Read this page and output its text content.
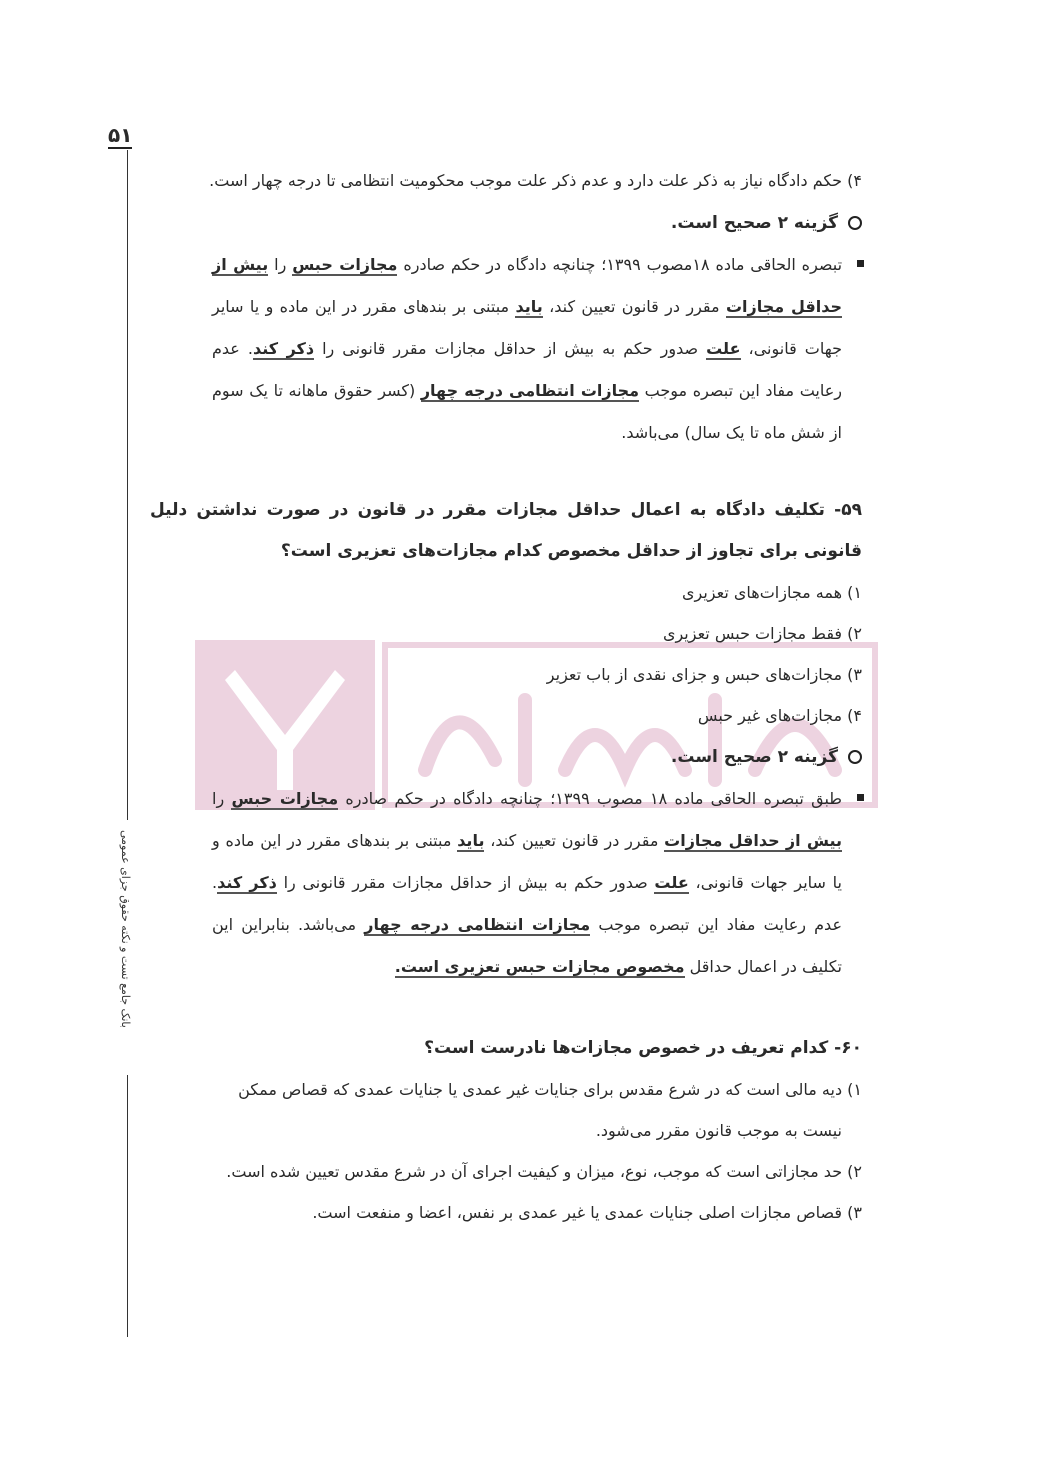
۵۱
بانک جامع تست و نکته حقوق جزای عمومی
۴) حکم دادگاه نیاز به ذکر علت دارد و عدم ذکر علت موجب محکومیت انتظامی تا درجه چهار است.
گزینه ۲ صحیح است.
تبصره الحاقی ماده ۱۸مصوب ۱۳۹۹؛ چنانچه دادگاه در حکم صادره مجازات حبس را بیش از حداقل مجازات مقرر در قانون تعیین کند، باید مبتنی بر بندهای مقرر در این ماده و یا سایر جهات قانونی، علت صدور حکم به بیش از حداقل مجازات مقرر قانونی را ذکر کند. عدم رعایت مفاد این تبصره موجب مجازات انتظامی درجه چهار (کسر حقوق ماهانه تا یک سوم از شش ماه تا یک سال) می‌باشد.
۵۹- تکلیف دادگاه به اعمال حداقل مجازات مقرر در قانون در صورت نداشتن دلیل قانونی برای تجاوز از حداقل مخصوص کدام مجازات‌های تعزیری است؟
۱) همه مجازات‌های تعزیری
۲) فقط مجازات حبس تعزیری
۳) مجازات‌های حبس و جزای نقدی از باب تعزیر
۴) مجازات‌های غیر حبس
گزینه ۲ صحیح است.
طبق تبصره الحاقی ماده ۱۸ مصوب ۱۳۹۹؛ چنانچه دادگاه در حکم صادره مجازات حبس را بیش از حداقل مجازات مقرر در قانون تعیین کند، باید مبتنی بر بندهای مقرر در این ماده و یا سایر جهات قانونی، علت صدور حکم به بیش از حداقل مجازات مقرر قانونی را ذکر کند. عدم رعایت مفاد این تبصره موجب مجازات انتظامی درجه چهار می‌باشد. بنابراین این تکلیف در اعمال حداقل مخصوص مجازات حبس تعزیری است.
۶۰- کدام تعریف در خصوص مجازات‌ها نادرست است؟
۱) دیه مالی است که در شرع مقدس برای جنایات غیر عمدی یا جنایات عمدی که قصاص ممکن
نیست به موجب قانون مقرر می‌شود.
۲) حد مجازاتی است که موجب، نوع، میزان و کیفیت اجرای آن در شرع مقدس تعیین شده است.
۳) قصاص مجازات اصلی جنایات عمدی یا غیر عمدی بر نفس، اعضا و منفعت است.
